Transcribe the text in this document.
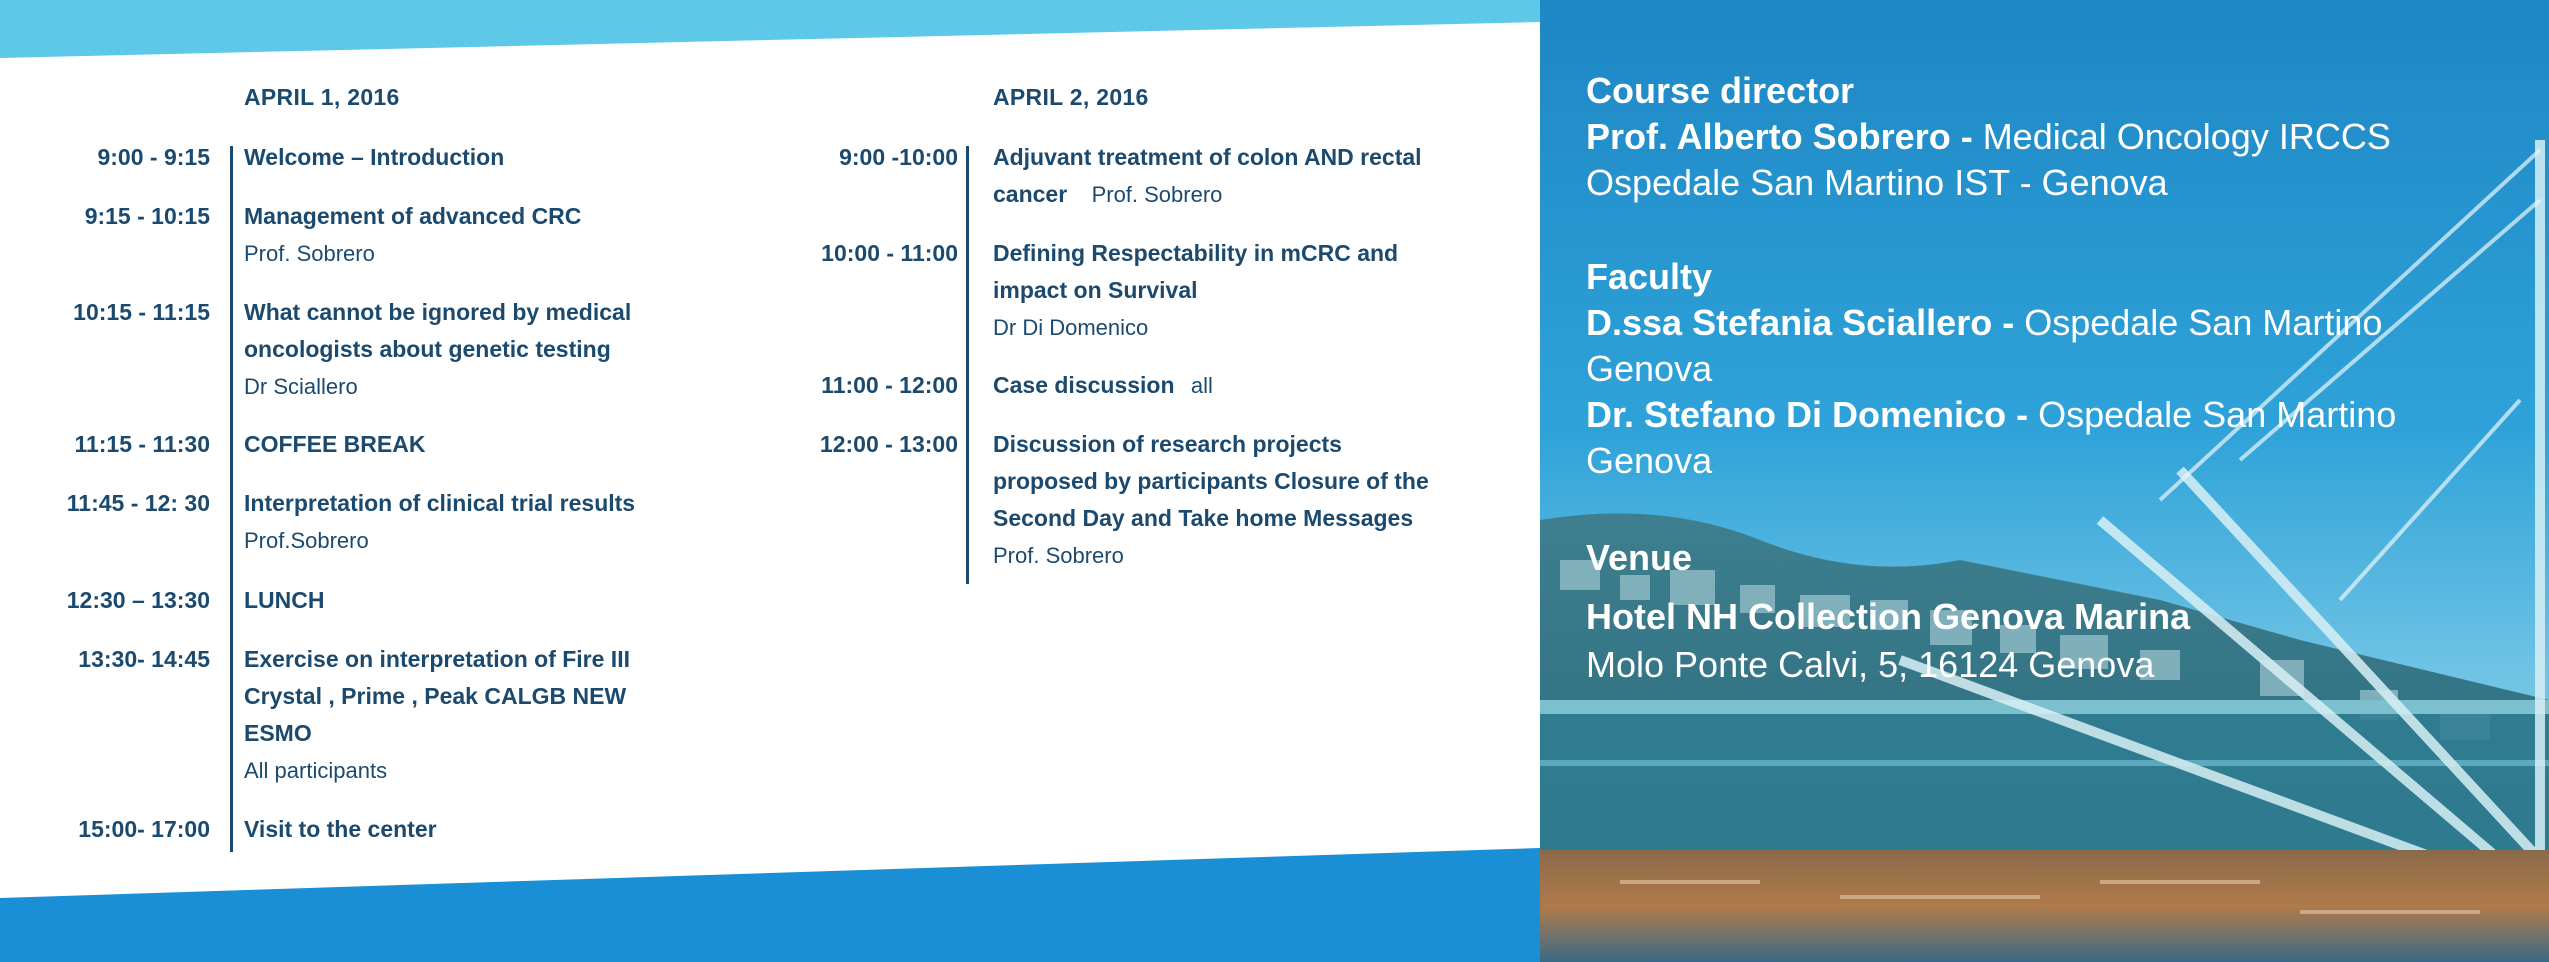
APRIL 1, 2016
9:00 - 9:15 Welcome – Introduction
9:15 - 10:15 Management of advanced CRC
Prof. Sobrero
10:15 - 11:15 What cannot be ignored by medical
oncologists about genetic testing
Dr Sciallero
11:15 - 11:30 COFFEE BREAK
11:45 - 12: 30 Interpretation of clinical trial results
Prof.Sobrero
12:30 – 13:30 LUNCH
13:30- 14:45 Exercise on interpretation of Fire III
Crystal , Prime , Peak CALGB NEW
ESMO
All participants
15:00- 17:00 Visit to the center
APRIL 2, 2016
9:00 -10:00 Adjuvant treatment of colon AND rectal
cancer Prof. Sobrero
10:00 - 11:00 Defining Respectability in mCRC and
impact on Survival
Dr Di Domenico
11:00 - 12:00 Case discussion all
12:00 - 13:00 Discussion of research projects
proposed by participants Closure of the
Second Day and Take home Messages
Prof. Sobrero
Course director
Prof. Alberto Sobrero - Medical Oncology IRCCS
Ospedale San Martino IST - Genova
Faculty
D.ssa Stefania Sciallero - Ospedale San Martino
Genova
Dr. Stefano Di Domenico - Ospedale San Martino
Genova
Venue
Hotel NH Collection Genova Marina
Molo Ponte Calvi, 5, 16124 Genova
